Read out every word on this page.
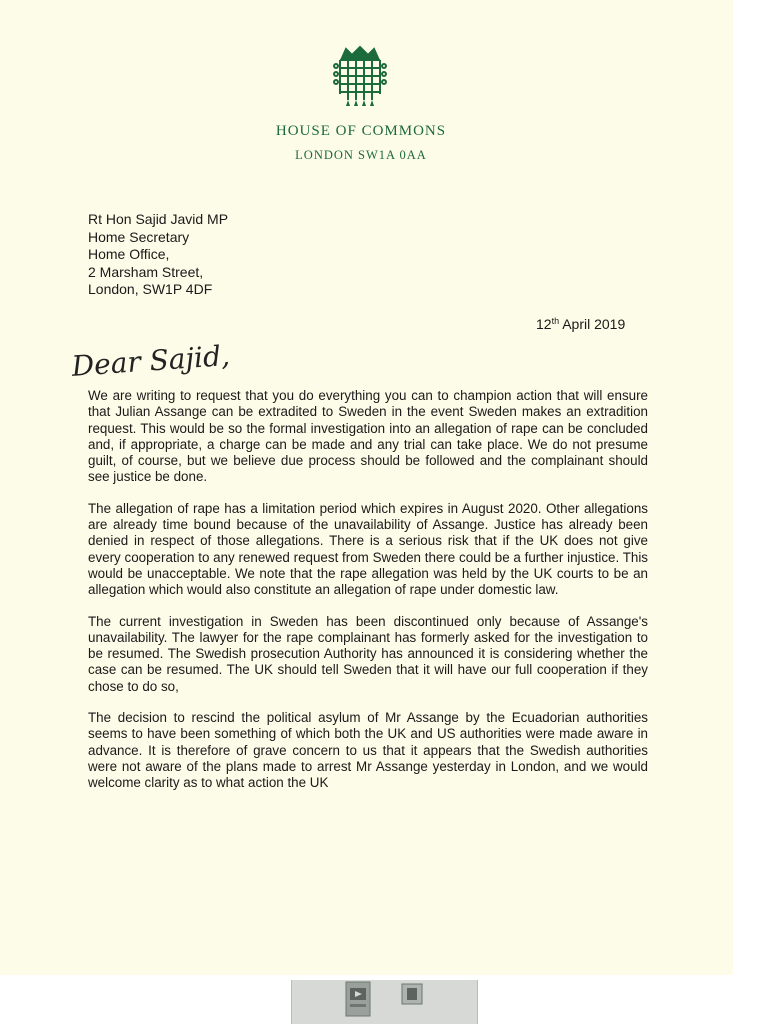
HOUSE OF COMMONS
LONDON SW1A 0AA
Rt Hon Sajid Javid MP
Home Secretary
Home Office,
2 Marsham Street,
London, SW1P 4DF
12th April 2019
Dear Sajid,

We are writing to request that you do everything you can to champion action that will ensure that Julian Assange can be extradited to Sweden in the event Sweden makes an extradition request. This would be so the formal investigation into an allegation of rape can be concluded and, if appropriate, a charge can be made and any trial can take place. We do not presume guilt, of course, but we believe due process should be followed and the complainant should see justice be done.

The allegation of rape has a limitation period which expires in August 2020. Other allegations are already time bound because of the unavailability of Assange. Justice has already been denied in respect of those allegations. There is a serious risk that if the UK does not give every cooperation to any renewed request from Sweden there could be a further injustice. This would be unacceptable. We note that the rape allegation was held by the UK courts to be an allegation which would also constitute an allegation of rape under domestic law.

The current investigation in Sweden has been discontinued only because of Assange's unavailability. The lawyer for the rape complainant has formerly asked for the investigation to be resumed. The Swedish prosecution Authority has announced it is considering whether the case can be resumed. The UK should tell Sweden that it will have our full cooperation if they chose to do so,

The decision to rescind the political asylum of Mr Assange by the Ecuadorian authorities seems to have been something of which both the UK and US authorities were made aware in advance. It is therefore of grave concern to us that it appears that the Swedish authorities were not aware of the plans made to arrest Mr Assange yesterday in London, and we would welcome clarity as to what action the UK
